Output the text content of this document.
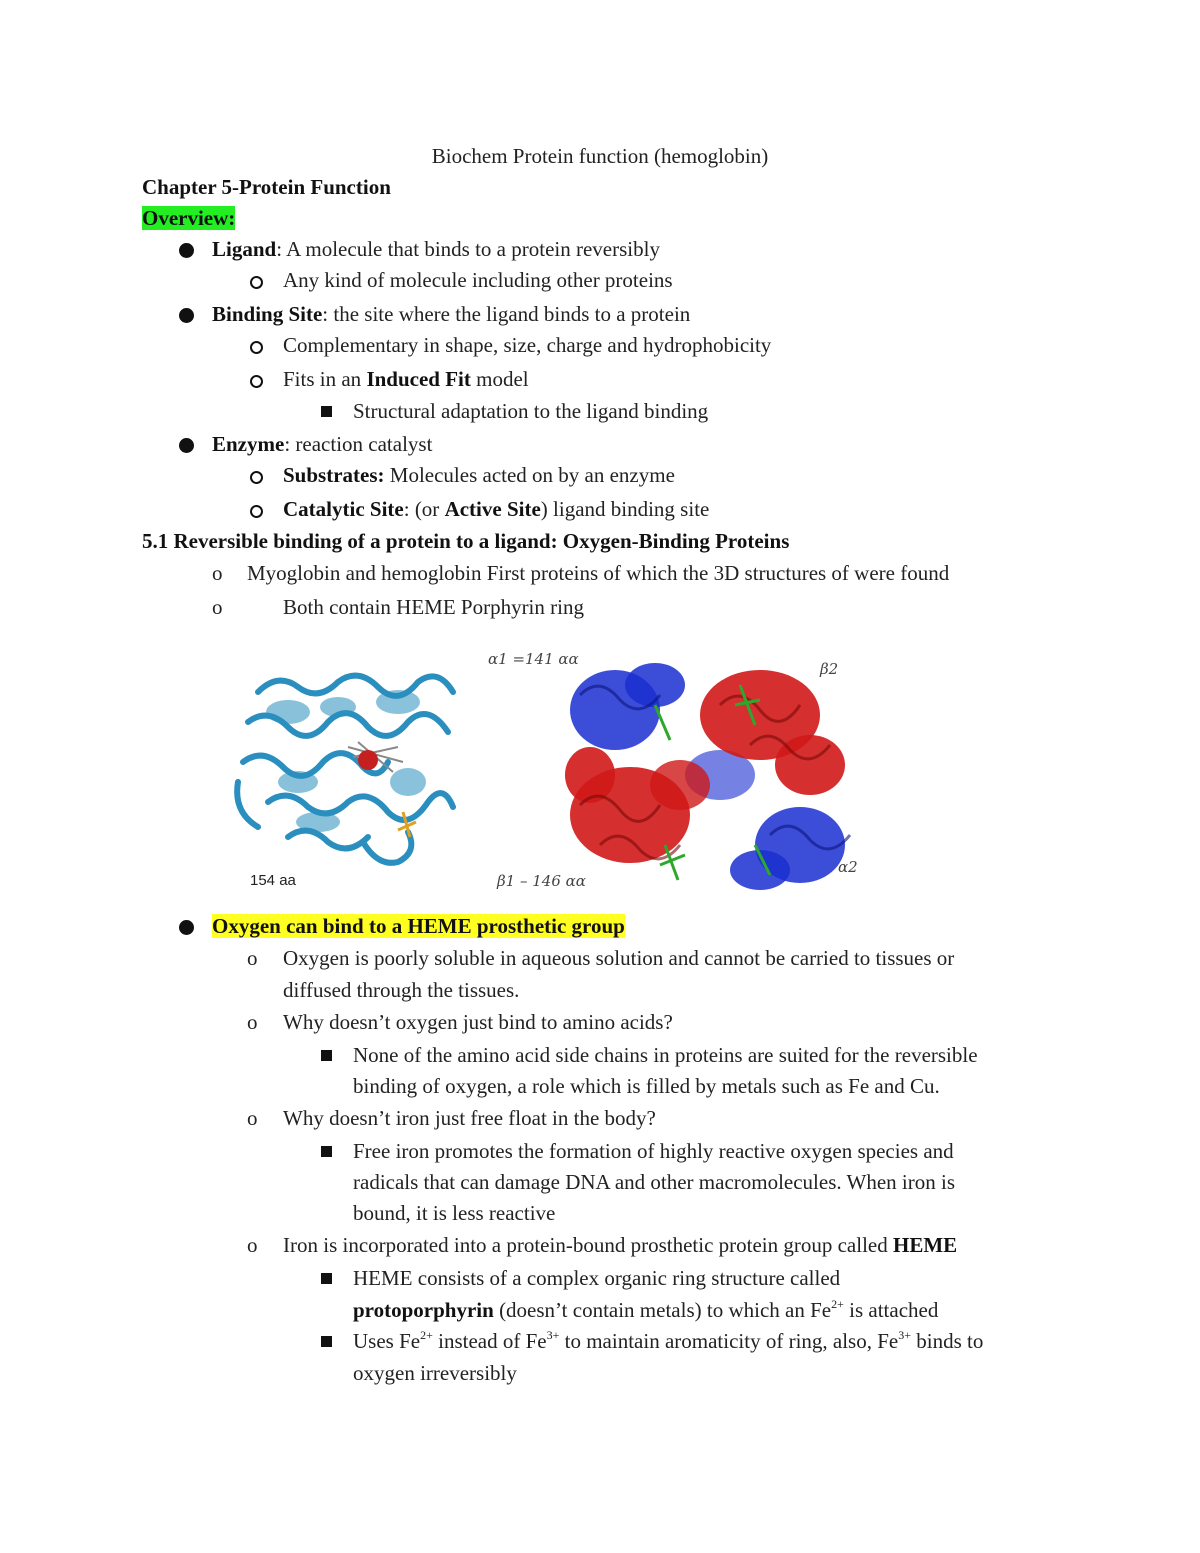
Biochem Protein function (hemoglobin)
Chapter 5-Protein Function
Overview:
Ligand: A molecule that binds to a protein reversibly
Any kind of molecule including other proteins
Binding Site: the site where the ligand binds to a protein
Complementary in shape, size, charge and hydrophobicity
Fits in an Induced Fit model
Structural adaptation to the ligand binding
Enzyme: reaction catalyst
Substrates: Molecules acted on by an enzyme
Catalytic Site: (or Active Site) ligand binding site
5.1 Reversible binding of a protein to a ligand: Oxygen-Binding Proteins
o Myoglobin and hemoglobin First proteins of which the 3D structures of were found
o	Both contain HEME Porphyrin ring
154 aa
α1 =141 αα
β2
β1 – 146 αα
α2
Oxygen can bind to a HEME prosthetic group
o Oxygen is poorly soluble in aqueous solution and cannot be carried to tissues or
diffused through the tissues.
o Why doesn’t oxygen just bind to amino acids?
None of the amino acid side chains in proteins are suited for the reversible
binding of oxygen, a role which is filled by metals such as Fe and Cu.
o Why doesn’t iron just free float in the body?
Free iron promotes the formation of highly reactive oxygen species and
radicals that can damage DNA and other macromolecules. When iron is
bound, it is less reactive
o Iron is incorporated into a protein-bound prosthetic protein group called HEME
HEME consists of a complex organic ring structure called
protoporphyrin (doesn’t contain metals) to which an $Fe^{2+}$ is attached
Uses $Fe^{2+}$ instead of $Fe^{3+}$ to maintain aromaticity of ring, also, $Fe^{3+}$ binds to
oxygen irreversibly
